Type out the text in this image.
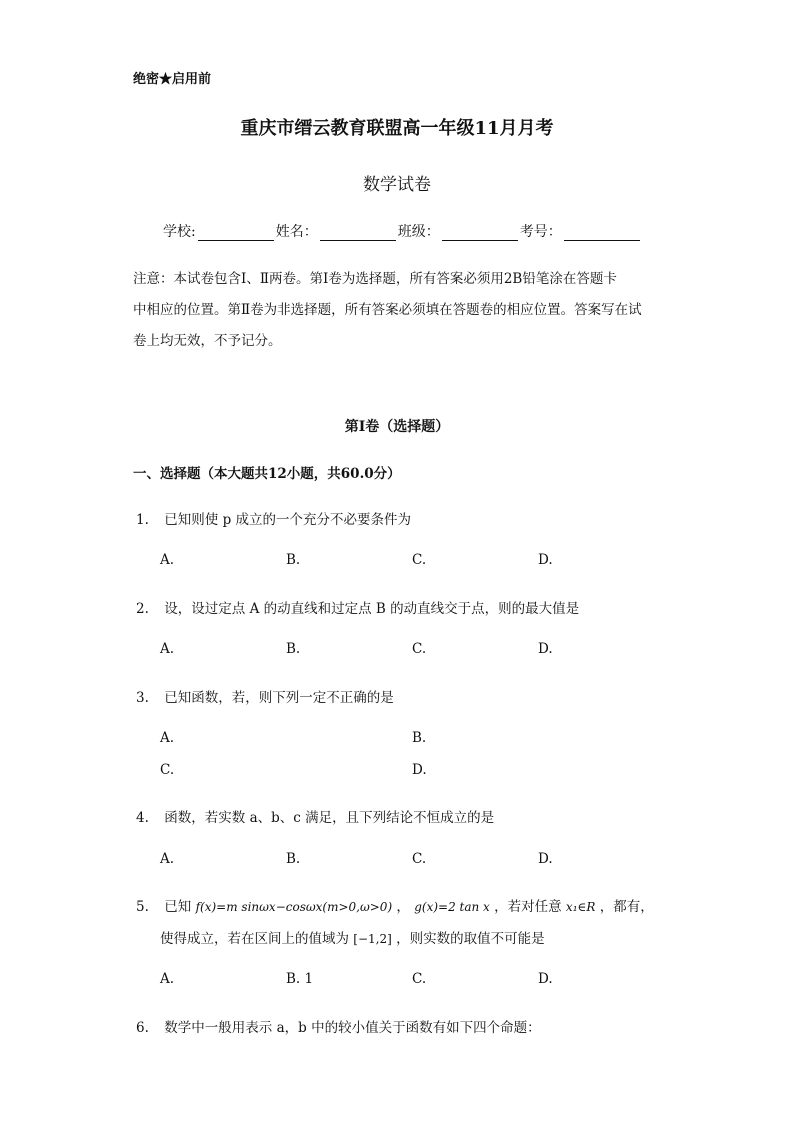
绝密★启用前
重庆市缙云教育联盟高一年级11月月考
数学试卷
学校:	姓名：	班级：	考号：

注意：本试卷包含Ⅰ、Ⅱ两卷。第Ⅰ卷为选择题，所有答案必须用2B铅笔涂在答题卡

中相应的位置。第Ⅱ卷为非选择题，所有答案必须填在答题卷的相应位置。答案写在试

卷上均无效，不予记分。

第Ⅰ卷（选择题）
一、选择题（本大题共12小题，共60.0分）
1. 已知则使 p 成立的一个充分不必要条件为
A.	B.	C.	D.
2. 设，设过定点 A 的动直线和过定点 B 的动直线交于点，则的最大值是
A.	B.	C.	D.
3. 已知函数，若，则下列一定不正确的是
A.	B.
C.	D.
4. 函数，若实数 a、b、c 满足，且下列结论不恒成立的是
A.	B.	C.	D.
5. 已知 f(x)=m sinωx−cosωx(m>0,ω>0) ， g(x)=2 tan x ，若对任意 x₁∈R ，都有，
使得成立，若在区间上的值域为 [−1,2] ，则实数的取值不可能是
A.	B. 1	C.	D.
6. 数学中一般用表示 a，b 中的较小值关于函数有如下四个命题：
